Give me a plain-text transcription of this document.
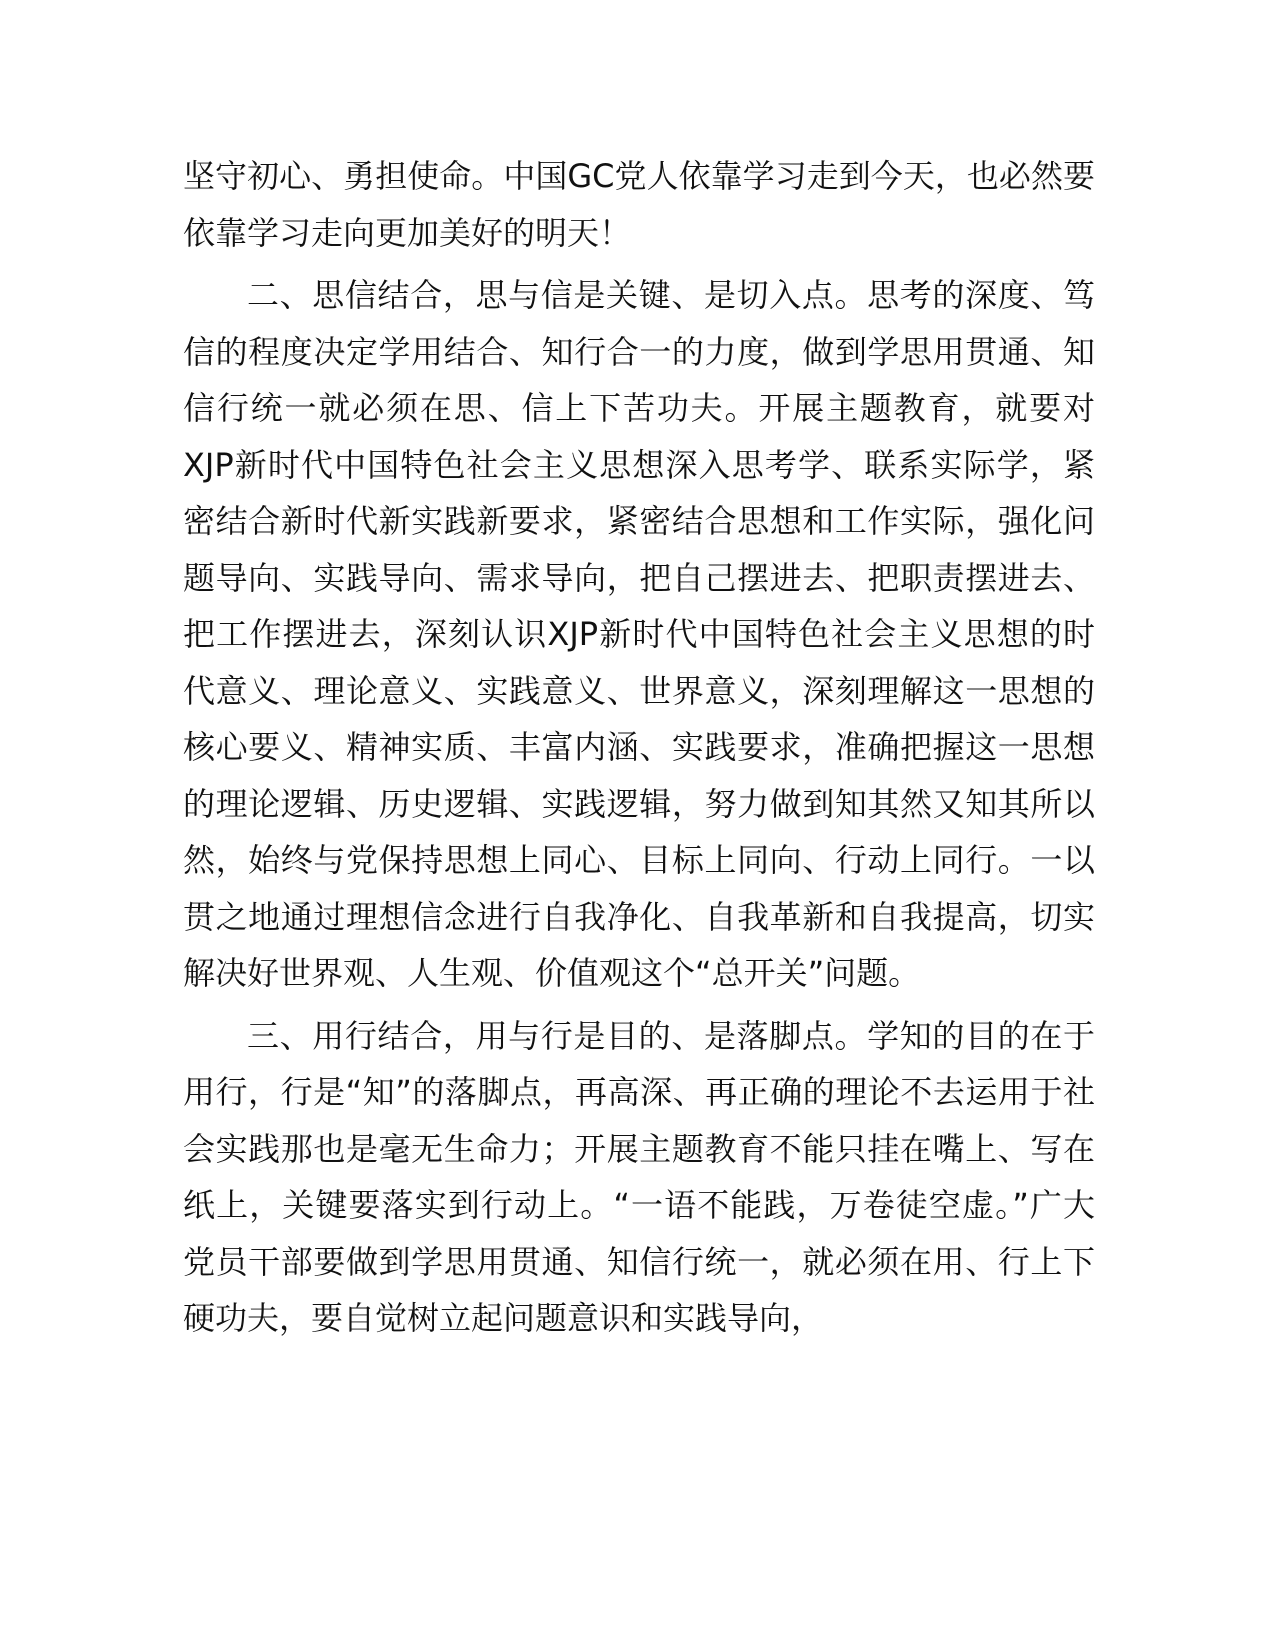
坚守初心、勇担使命。中国GC党人依靠学习走到今天，也必然要依靠学习走向更加美好的明天！

二、思信结合，思与信是关键、是切入点。思考的深度、笃信的程度决定学用结合、知行合一的力度，做到学思用贯通、知信行统一就必须在思、信上下苦功夫。开展主题教育，就要对XJP新时代中国特色社会主义思想深入思考学、联系实际学，紧密结合新时代新实践新要求，紧密结合思想和工作实际，强化问题导向、实践导向、需求导向，把自己摆进去、把职责摆进去、把工作摆进去，深刻认识XJP新时代中国特色社会主义思想的时代意义、理论意义、实践意义、世界意义，深刻理解这一思想的核心要义、精神实质、丰富内涵、实践要求，准确把握这一思想的理论逻辑、历史逻辑、实践逻辑，努力做到知其然又知其所以然，始终与党保持思想上同心、目标上同向、行动上同行。一以贯之地通过理想信念进行自我净化、自我革新和自我提高，切实解决好世界观、人生观、价值观这个“总开关”问题。

三、用行结合，用与行是目的、是落脚点。学知的目的在于用行，行是“知”的落脚点，再高深、再正确的理论不去运用于社会实践那也是毫无生命力；开展主题教育不能只挂在嘴上、写在纸上，关键要落实到行动上。“一语不能践，万卷徒空虚。”广大党员干部要做到学思用贯通、知信行统一，就必须在用、行上下硬功夫，要自觉树立起问题意识和实践导向，
